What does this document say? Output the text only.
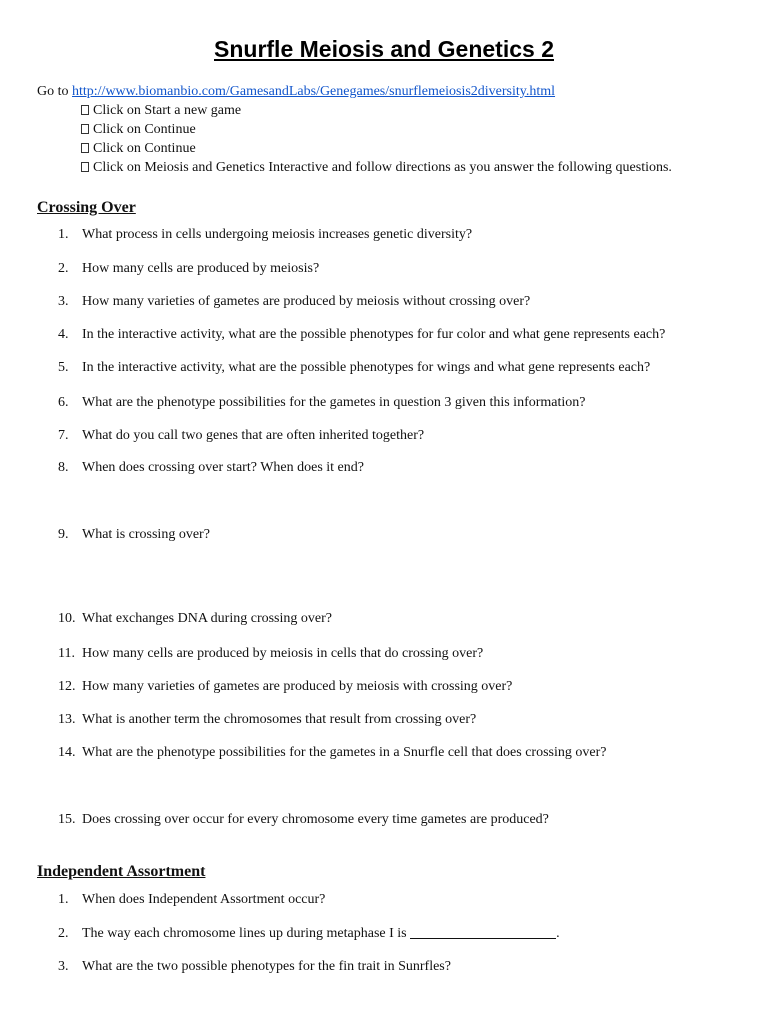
Snurfle Meiosis and Genetics 2
Go to http://www.biomanbio.com/GamesandLabs/Genegames/snurflemeiosis2diversity.html
Click on Start a new game
Click on Continue
Click on Continue
Click on Meiosis and Genetics Interactive and follow directions as you answer the following questions.
Crossing Over
1. What process in cells undergoing meiosis increases genetic diversity?
2. How many cells are produced by meiosis?
3. How many varieties of gametes are produced by meiosis without crossing over?
4. In the interactive activity, what are the possible phenotypes for fur color and what gene represents each?
5. In the interactive activity, what are the possible phenotypes for wings and what gene represents each?
6. What are the phenotype possibilities for the gametes in question 3 given this information?
7. What do you call two genes that are often inherited together?
8. When does crossing over start? When does it end?
9. What is crossing over?
10. What exchanges DNA during crossing over?
11. How many cells are produced by meiosis in cells that do crossing over?
12. How many varieties of gametes are produced by meiosis with crossing over?
13. What is another term the chromosomes that result from crossing over?
14. What are the phenotype possibilities for the gametes in a Snurfle cell that does crossing over?
15. Does crossing over occur for every chromosome every time gametes are produced?
Independent Assortment
1. When does Independent Assortment occur?
2. The way each chromosome lines up during metaphase I is	.
3. What are the two possible phenotypes for the fin trait in Sunrfles?
